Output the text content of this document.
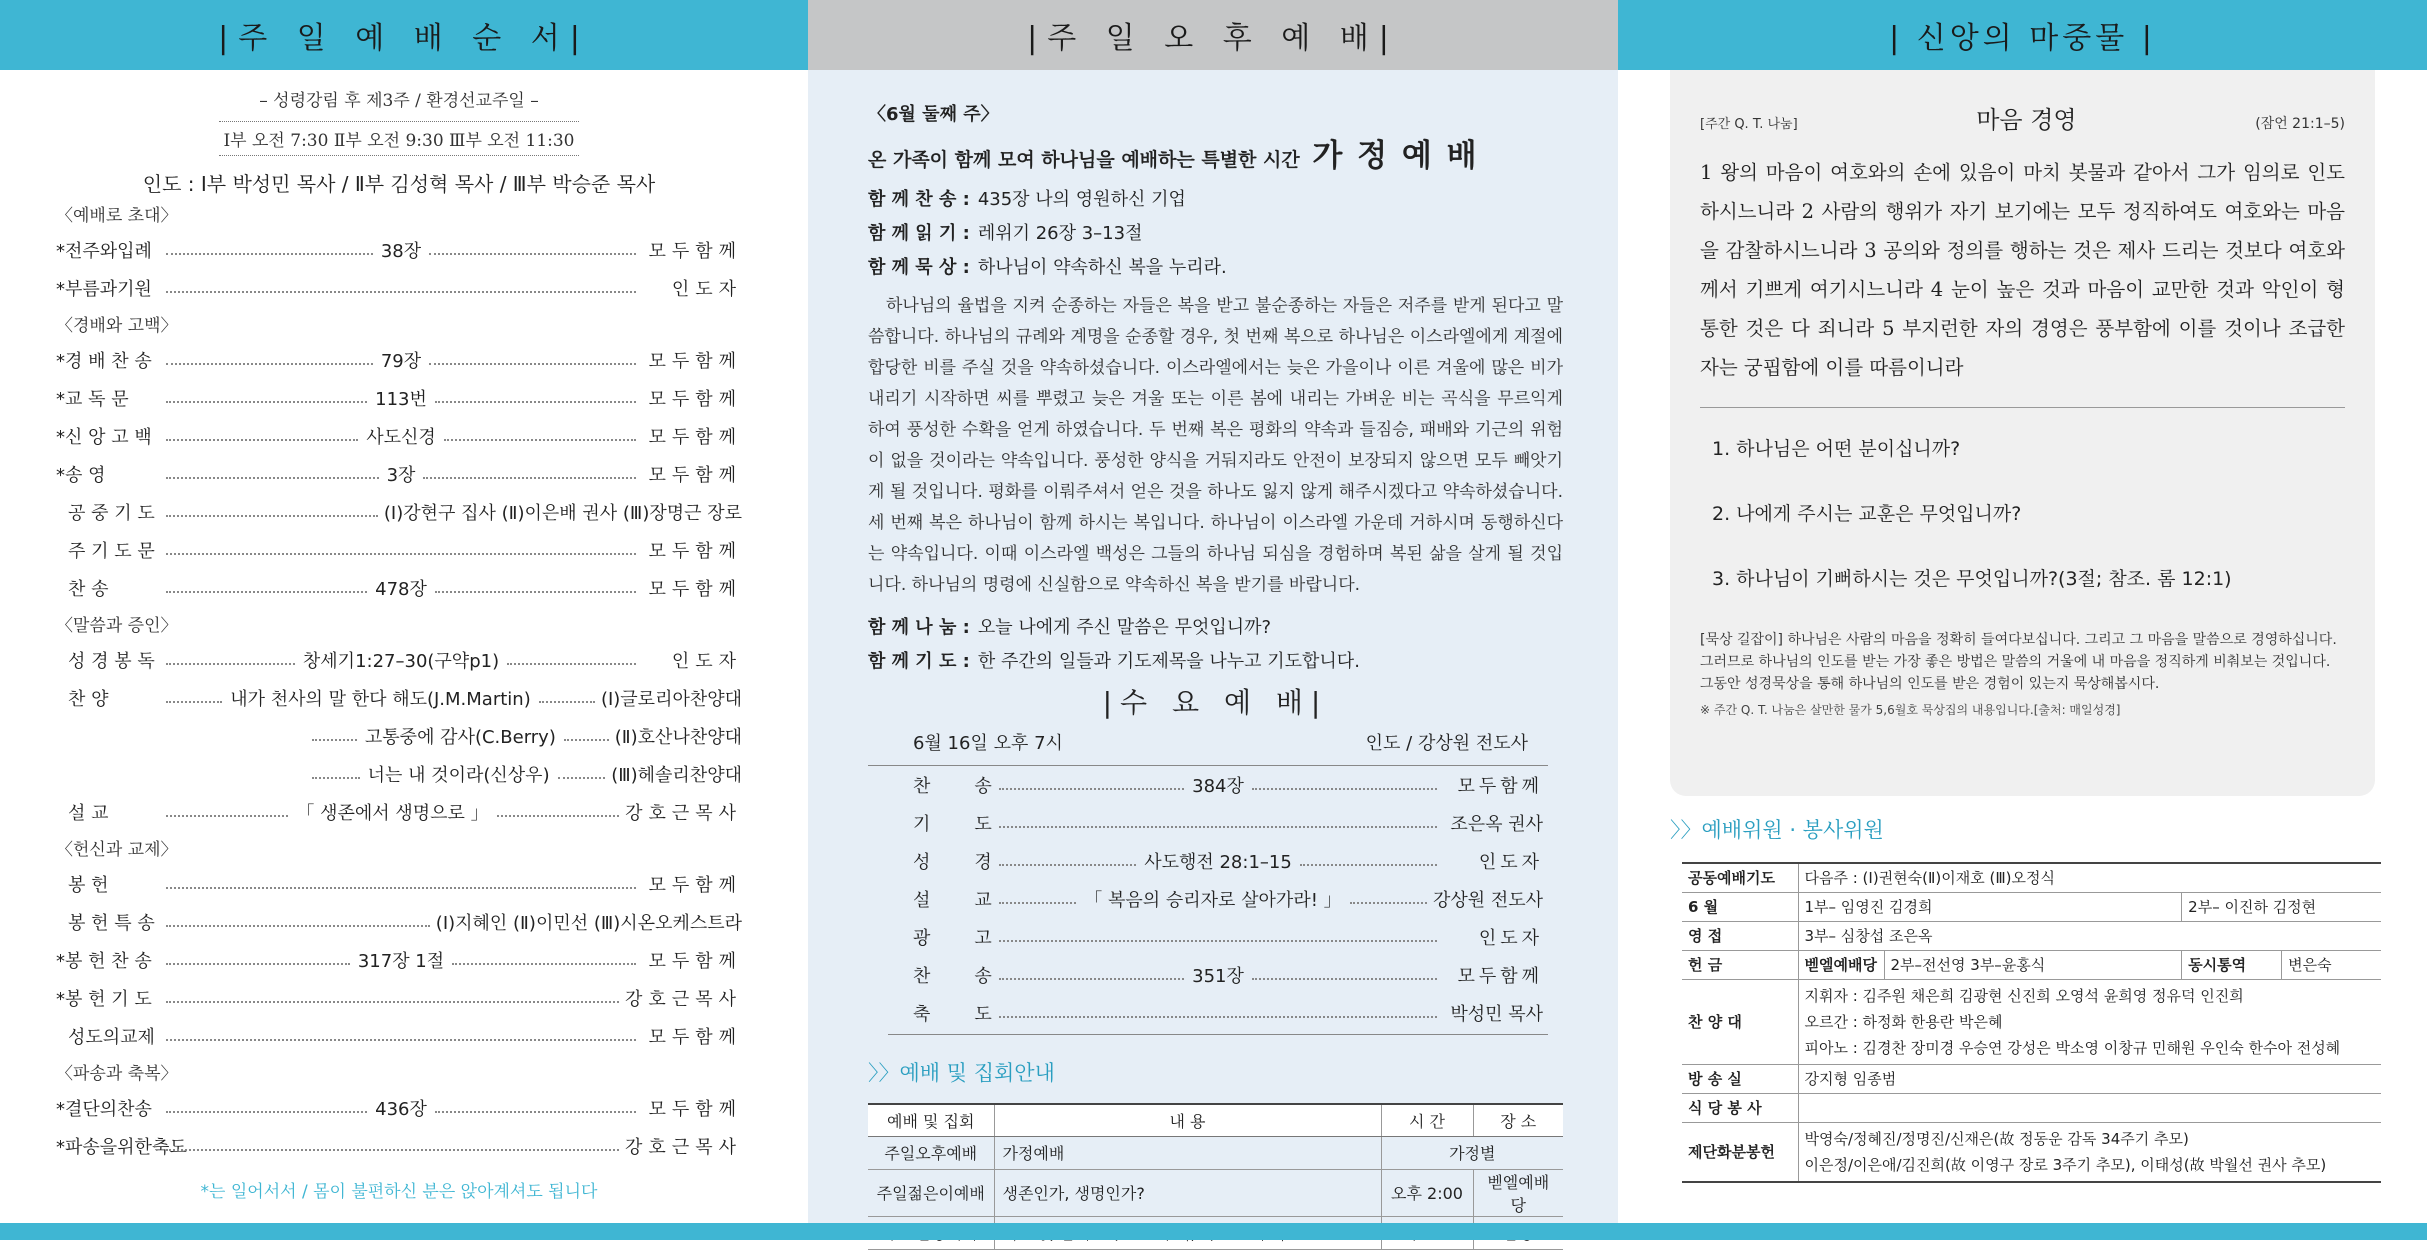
|주 일 예 배 순 서|
– 성령강림 후 제3주 / 환경선교주일 –
Ⅰ부 오전 7:30 Ⅱ부 오전 9:30 Ⅲ부 오전 11:30
인도 : Ⅰ부 박성민 목사 / Ⅱ부 김성혁 목사 / Ⅲ부 박승준 목사
〈예배로 초대〉
*전주와입례	38장	모두함께
*부름과기원	인도자
〈경배와 고백〉
*경 배 찬 송	79장	모두함께
*교 독 문	113번	모두함께
*신 앙 고 백	사도신경	모두함께
*송 영	3장	모두함께
공 중 기 도	(Ⅰ)강현구 집사 (Ⅱ)이은배 권사 (Ⅲ)장명근 장로
주 기 도 문	모두함께
찬 송	478장	모두함께
〈말씀과 증인〉
성 경 봉 독	창세기1:27–30(구약p1)	인도자
찬 양	내가 천사의 말 한다 해도(J.M.Martin)	(Ⅰ)글로리아찬양대
고통중에 감사(C.Berry)	(Ⅱ)호산나찬양대
너는 내 것이라(신상우)	(Ⅲ)헤솔리찬양대
설 교	「 생존에서 생명으로 」	강호근목사
〈헌신과 교제〉
봉 헌	모두함께
봉 헌 특 송	(Ⅰ)지혜인 (Ⅱ)이민선 (Ⅲ)시온오케스트라
*봉 헌 찬 송	317장 1절	모두함께
*봉 헌 기 도	강호근목사
성도의교제	모두함께
〈파송과 축복〉
*결단의찬송	436장	모두함께
*파송을위한축도	강호근목사
*는 일어서서 / 몸이 불편하신 분은 앉아계셔도 됩니다
|주 일 오 후 예 배|
〈6월 둘째 주〉
온 가족이 함께 모여 하나님을 예배하는 특별한 시간 가 정 예 배
함 께 찬 송 : 435장 나의 영원하신 기업
함 께 읽 기 : 레위기 26장 3–13절
함 께 묵 상 : 하나님이 약속하신 복을 누리라.
하나님의 율법을 지켜 순종하는 자들은 복을 받고 불순종하는 자들은 저주를 받게 된다고 말씀합니다. 하나님의 규례와 계명을 순종할 경우, 첫 번째 복으로 하나님은 이스라엘에게 계절에 합당한 비를 주실 것을 약속하셨습니다. 이스라엘에서는 늦은 가을이나 이른 겨울에 많은 비가 내리기 시작하면 씨를 뿌렸고 늦은 겨울 또는 이른 봄에 내리는 가벼운 비는 곡식을 무르익게 하여 풍성한 수확을 얻게 하였습니다. 두 번째 복은 평화의 약속과 들짐승, 패배와 기근의 위험이 없을 것이라는 약속입니다. 풍성한 양식을 거둬지라도 안전이 보장되지 않으면 모두 빼앗기게 될 것입니다. 평화를 이뤄주셔서 얻은 것을 하나도 잃지 않게 해주시겠다고 약속하셨습니다. 세 번째 복은 하나님이 함께 하시는 복입니다. 하나님이 이스라엘 가운데 거하시며 동행하신다는 약속입니다. 이때 이스라엘 백성은 그들의 하나님 되심을 경험하며 복된 삶을 살게 될 것입니다. 하나님의 명령에 신실함으로 약속하신 복을 받기를 바랍니다.
함 께 나 눔 : 오늘 나에게 주신 말씀은 무엇입니까?
함 께 기 도 : 한 주간의 일들과 기도제목을 나누고 기도합니다.
|수 요 예 배|
6월 16일 오후 7시	인도 / 강상원 전도사
찬송	384장	모두함께
기도	조은옥 권사
성경	사도행전 28:1–15	인도자
설교	「 복음의 승리자로 살아가라! 」	강상원 전도사
광고	인도자
찬송	351장	모두함께
축도	박성민 목사
〉〉예배 및 집회안내
예배 및 집회	내 용	시 간	장 소
주일오후예배	가정예배	가정별	
주일젊은이예배	생존인가, 생명인가?	오후 2:00	벧엘예배당

| 신앙의 마중물 |
[주간 Q. T. 나눔]	마음 경영	(잠언 21:1–5)
1 왕의 마음이 여호와의 손에 있음이 마치 봇물과 같아서 그가 임의로 인도하시느니라 2 사람의 행위가 자기 보기에는 모두 정직하여도 여호와는 마음을 감찰하시느니라 3 공의와 정의를 행하는 것은 제사 드리는 것보다 여호와께서 기쁘게 여기시느니라 4 눈이 높은 것과 마음이 교만한 것과 악인이 형통한 것은 다 죄니라 5 부지런한 자의 경영은 풍부함에 이를 것이나 조급한 자는 궁핍함에 이를 따름이니라
1. 하나님은 어떤 분이십니까?
2. 나에게 주시는 교훈은 무엇입니까?
3. 하나님이 기뻐하시는 것은 무엇입니까?(3절; 참조. 롬 12:1)
[묵상 길잡이] 하나님은 사람의 마음을 정확히 들여다보십니다. 그리고 그 마음을 말씀으로 경영하십니다. 그러므로 하나님의 인도를 받는 가장 좋은 방법은 말씀의 거울에 내 마음을 정직하게 비춰보는 것입니다. 그동안 성경묵상을 통해 하나님의 인도를 받은 경험이 있는지 묵상해봅시다.
※ 주간 Q. T. 나눔은 살만한 물가 5,6월호 묵상집의 내용입니다.[출처: 매일성경]
〉〉예배위원 · 봉사위원
공동예배기도	다음주 : (Ⅰ)권현숙(Ⅱ)이재호 (Ⅲ)오정식			
6 월	1부– 임영진 김경희		2부– 이진하 김정현	
영 접	3부– 심창섭 조은옥			
헌 금	벧엘예배당	2부–전선영 3부–윤홍식	동시통역	변은숙
찬 양 대	지휘자 : 김주원 채은희 김광현 신진희 오영석 윤희영 정유덕 인진희
오르간 : 하정화 한용란 박은혜
피아노 : 김경찬 장미경 우승연 강성은 박소영 이창규 민해원 우인숙 한수아 전성혜			

방 송 실	강지형 임종범			
식 당 봉 사				
제단화분봉헌	박영숙/정혜진/정명진/신재은(故 정동운 감독 34주기 추모)
이은정/이은애/김진희(故 이영구 장로 3주기 추모), 이태성(故 박월선 권사 추모)			
